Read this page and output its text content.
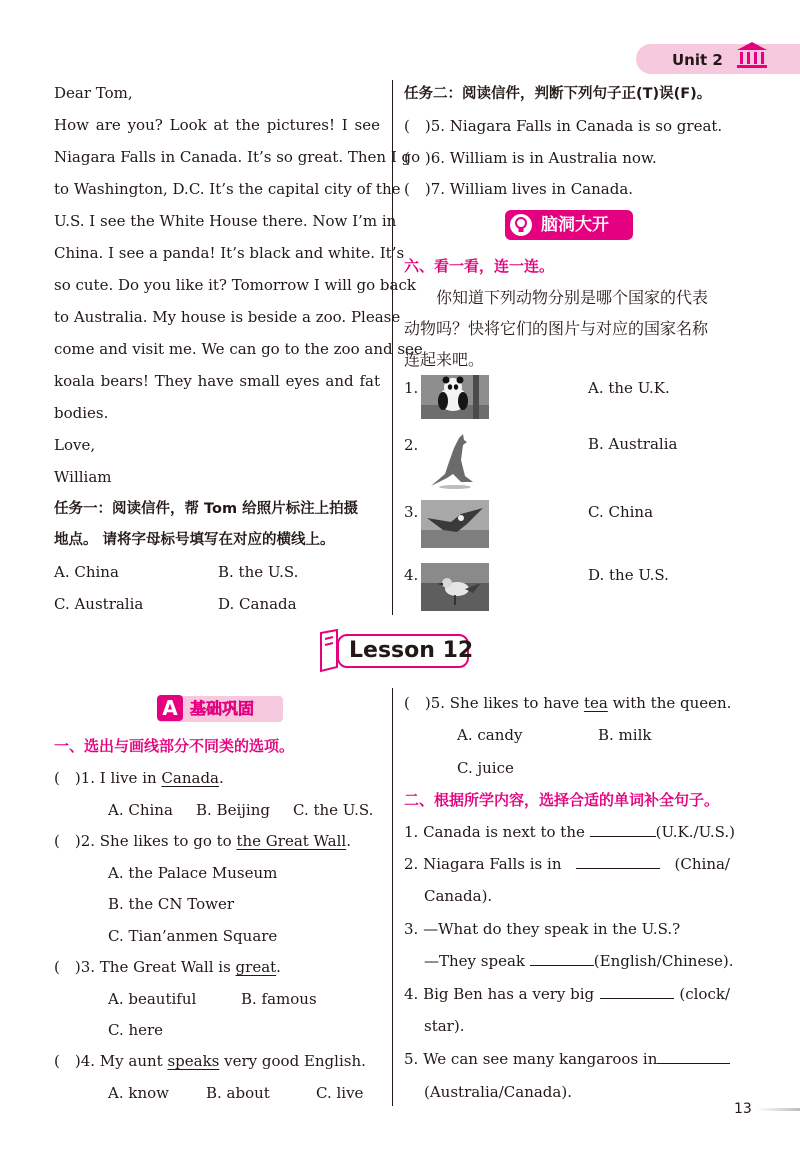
Unit 2
Dear Tom,
How are you? Look at the pictures! I see
Niagara Falls in Canada. It’s so great. Then I go
to Washington, D.C. It’s the capital city of the
U.S. I see the White House there. Now I’m in
China. I see a panda! It’s black and white. It’s
so cute. Do you like it? Tomorrow I will go back
to Australia. My house is beside a zoo. Please
come and visit me. We can go to the zoo and see
koala bears! They have small eyes and fat
bodies.
Love,
William
任务一：阅读信件，帮 Tom 给照片标注上拍摄
地点。 请将字母标号填写在对应的横线上。
A. China	B. the U.S.
C. Australia	D. Canada
任务二：阅读信件，判断下列句子正(T)误(F)。
(　)5. Niagara Falls in Canada is so great.
(　)6. William is in Australia now.
(　)7. William lives in Canada.
脑洞大开
六、看一看，连一连。
你知道下列动物分别是哪个国家的代表
动物吗？快将它们的图片与对应的国家名称
连起来吧。
1.	A. the U.K.
2.	B. Australia
3.	C. China
4.	D. the U.S.
Lesson 12
A 基础巩固
一、选出与画线部分不同类的选项。
(　)1. I live in Canada.
A. China B. Beijing C. the U.S.
(　)2. She likes to go to the Great Wall.
A. the Palace Museum
B. the CN Tower
C. Tian’anmen Square
(　)3. The Great Wall is great.
A. beautiful	B. famous
C. here
(　)4. My aunt speaks very good English.
A. know B. about	C. live
(　)5. She likes to have tea with the queen.
A. candy	B. milk
C. juice
二、根据所学内容，选择合适的单词补全句子。
1. Canada is next to the	(U.K./U.S.)
2. Niagara Falls is in	(China/
Canada).
3. —What do they speak in the U.S.?
—They speak	(English/Chinese).
4. Big Ben has a very big	(clock/
star).
5. We can see many kangaroos in
(Australia/Canada).
13
